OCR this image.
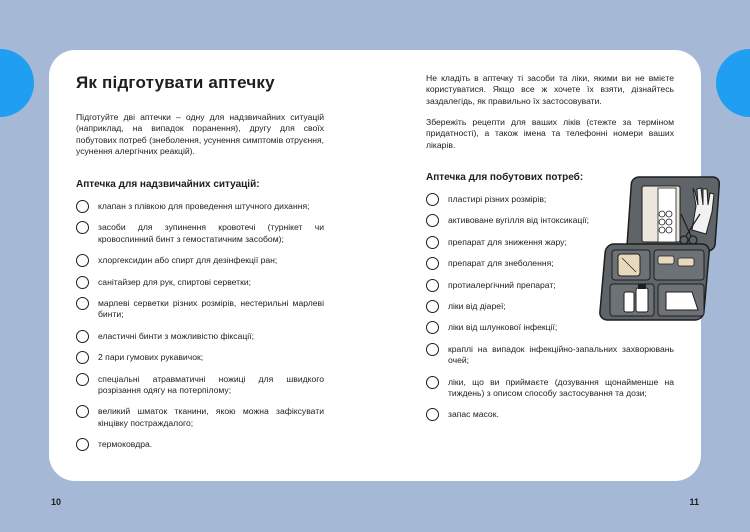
Як підготувати аптечку

Підготуйте дві аптечки – одну для надзвичайних ситуацій (наприклад, на випадок поранення), другу для своїх побутових потреб (знеболення, усунення симптомів отруєння, усунення алергічних реакцій).

Аптечка для надзвичайних ситуацій:
клапан з плівкою для проведення штучного дихання;
засоби для зупинення кровотечі (турнікет чи кровоспинний бинт з гемостатичним засобом);
хлоргексидин або спирт для дезінфекції ран;
санітайзер для рук, спиртові серветки;
марлеві серветки різних розмірів, нестерильні марлеві бинти;
еластичні бинти з можливістю фіксації;
2 пари гумових рукавичок;
спеціальні атравматичні ножиці для швидкого розрізання одягу на потерпілому;
великий шматок тканини, якою можна зафіксувати кінцівку постраждалого;
термоковдра.

Не кладіть в аптечку ті засоби та ліки, якими ви не вмієте користуватися. Якщо все ж хочете їх взяти, дізнайтесь заздалегідь, як правильно їх застосовувати.

Збережіть рецепти для ваших ліків (стежте за терміном придатності), а також імена та телефонні номери ваших лікарів.

Аптечка для побутових потреб:
пластирі різних розмірів;
активоване вугілля від інтоксикації;
препарат для зниження жару;
препарат для знеболення;
протиалергічний препарат;
ліки від діареї;
ліки від шлункової інфекції;
краплі на випадок інфекційно-запальних захворювань очей;
ліки, що ви приймаєте (дозування щонайменше на тиждень) з описом способу застосування та дози;
запас масок.
10	11
